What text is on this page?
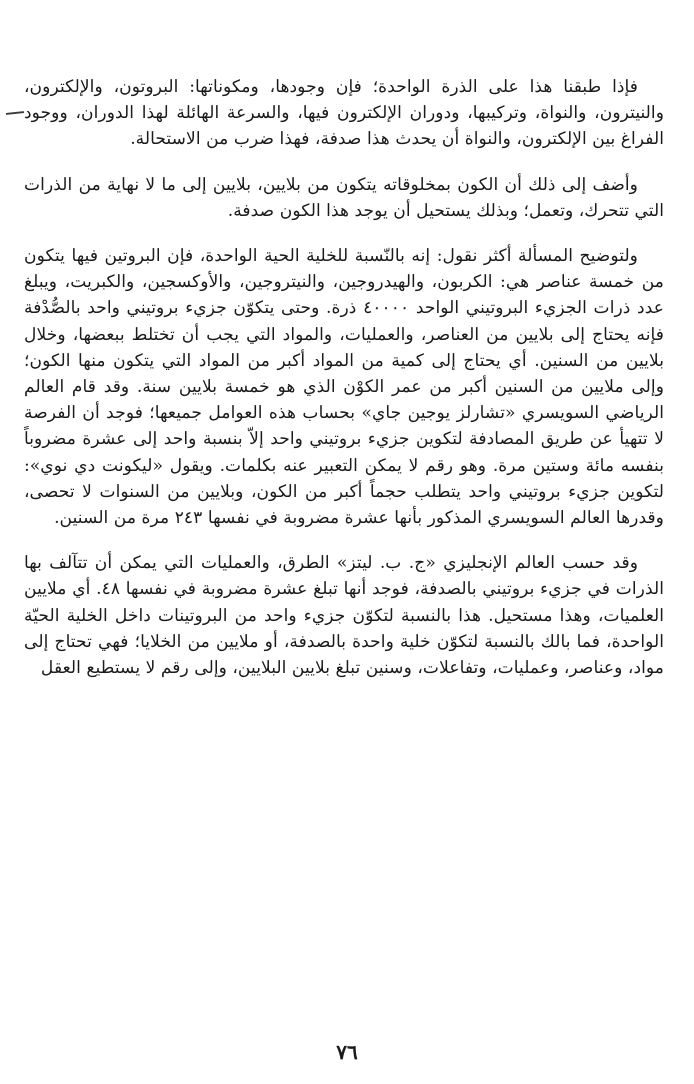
فإذا طبقنا هذا على الذرة الواحدة؛ فإن وجودها، ومكوناتها: البروتون، والإلكترون، والنيترون، والنواة، وتركيبها، ودوران الإلكترون فيها، والسرعة الهائلة لهذا الدوران، ووجود الفراغ بين الإلكترون، والنواة أن يحدث هذا صدفة، فهذا ضرب من الاستحالة.

وأضف إلى ذلك أن الكون بمخلوقاته يتكون من بلايين، بلايين إلى ما لا نهاية من الذرات التي تتحرك، وتعمل؛ وبذلك يستحيل أن يوجد هذا الكون صدفة.

ولتوضيح المسألة أكثر نقول: إنه بالنّسبة للخلية الحية الواحدة، فإن البروتين فيها يتكون من خمسة عناصر هي: الكربون، والهيدروجين، والنيتروجين، والأوكسجين، والكبريت، ويبلغ عدد ذرات الجزيء البروتيني الواحد ٤٠٠٠٠ ذرة. وحتى يتكوّن جزيء بروتيني واحد بالصُّدْفة فإنه يحتاج إلى بلايين من العناصر، والعمليات، والمواد التي يجب أن تختلط ببعضها، وخلال بلايين من السنين. أي يحتاج إلى كمية من المواد أكبر من المواد التي يتكون منها الكون؛ وإلى ملايين من السنين أكبر من عمر الكوْن الذي هو خمسة بلايين سنة. وقد قام العالم الرياضي السويسري «تشارلز يوجين جاي» بحساب هذه العوامل جميعها؛ فوجد أن الفرصة لا تتهيأ عن طريق المصادفة لتكوين جزيء بروتيني واحد إلاّ بنسبة واحد إلى عشرة مضروباً بنفسه مائة وستين مرة. وهو رقم لا يمكن التعبير عنه بكلمات. ويقول «ليكونت دي نوي»: لتكوين جزيء بروتيني واحد يتطلب حجماً أكبر من الكون، وبلايين من السنوات لا تحصى، وقدرها العالم السويسري المذكور بأنها عشرة مضروبة في نفسها ٢٤٣ مرة من السنين.

وقد حسب العالم الإنجليزي «ج. ب. ليتز» الطرق، والعمليات التي يمكن أن تتآلف بها الذرات في جزيء بروتيني بالصدفة، فوجد أنها تبلغ عشرة مضروبة في نفسها ٤٨. أي ملايين العلميات، وهذا مستحيل. هذا بالنسبة لتكوّن جزيء واحد من البروتينات داخل الخلية الحيّة الواحدة، فما بالك بالنسبة لتكوّن خلية واحدة بالصدفة، أو ملايين من الخلايا؛ فهي تحتاج إلى مواد، وعناصر، وعمليات، وتفاعلات، وسنين تبلغ بلايين البلايين، وإلى رقم لا يستطيع العقل

٧٦
